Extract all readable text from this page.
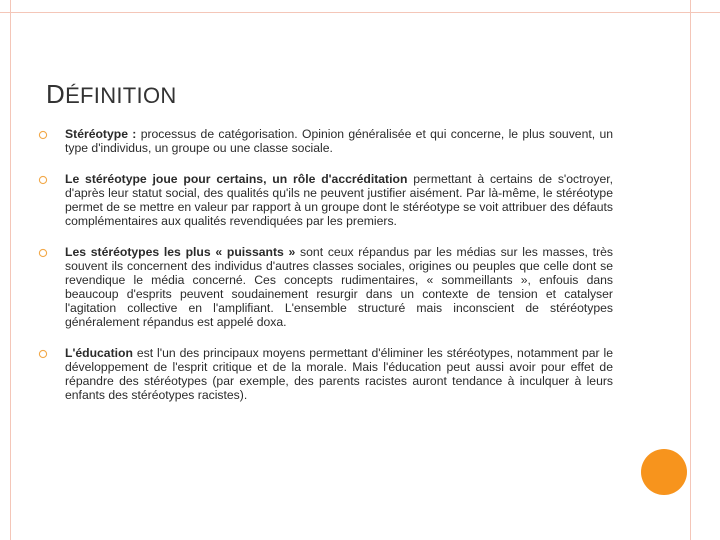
DÉFINITION
Stéréotype : processus de catégorisation. Opinion généralisée et qui concerne, le plus souvent, un type d'individus, un groupe ou une classe sociale.
Le stéréotype joue pour certains, un rôle d'accréditation permettant à certains de s'octroyer, d'après leur statut social, des qualités qu'ils ne peuvent justifier aisément. Par là-même, le stéréotype permet de se mettre en valeur par rapport à un groupe dont le stéréotype se voit attribuer des défauts complémentaires aux qualités revendiquées par les premiers.
Les stéréotypes les plus « puissants » sont ceux répandus par les médias sur les masses, très souvent ils concernent des individus d'autres classes sociales, origines ou peuples que celle dont se revendique le média concerné. Ces concepts rudimentaires, « sommeillants », enfouis dans beaucoup d'esprits peuvent soudainement resurgir dans un contexte de tension et catalyser l'agitation collective en l'amplifiant. L'ensemble structuré mais inconscient de stéréotypes généralement répandus est appelé doxa.
L'éducation est l'un des principaux moyens permettant d'éliminer les stéréotypes, notamment par le développement de l'esprit critique et de la morale. Mais l'éducation peut aussi avoir pour effet de répandre des stéréotypes (par exemple, des parents racistes auront tendance à inculquer à leurs enfants des stéréotypes racistes).
